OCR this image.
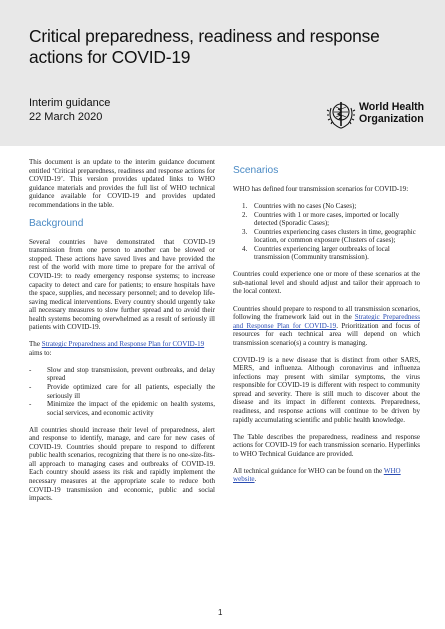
Critical preparedness, readiness and response actions for COVID-19
Interim guidance
22 March 2020
World Health
Organization

This document is an update to the interim guidance document entitled ‘Critical preparedness, readiness and response actions for COVID-19’. This version provides updated links to WHO guidance materials and provides the full list of WHO technical guidance available for COVID-19 and provides updated recommendations in the table.

Background

Several countries have demonstrated that COVID-19 transmission from one person to another can be slowed or stopped. These actions have saved lives and have provided the rest of the world with more time to prepare for the arrival of COVID-19: to ready emergency response systems; to increase capacity to detect and care for patients; to ensure hospitals have the space, supplies, and necessary personnel; and to develop life-saving medical interventions. Every country should urgently take all necessary measures to slow further spread and to avoid their health systems becoming overwhelmed as a result of seriously ill patients with COVID-19.

The Strategic Preparedness and Response Plan for COVID-19 aims to:

- Slow and stop transmission, prevent outbreaks, and delay spread
- Provide optimized care for all patients, especially the seriously ill
- Minimize the impact of the epidemic on health systems, social services, and economic activity

All countries should increase their level of preparedness, alert and response to identify, manage, and care for new cases of COVID-19. Countries should prepare to respond to different public health scenarios, recognizing that there is no one-size-fits-all approach to managing cases and outbreaks of COVID-19. Each country should assess its risk and rapidly implement the necessary measures at the appropriate scale to reduce both COVID-19 transmission and economic, public and social impacts.

Scenarios

WHO has defined four transmission scenarios for COVID-19:

1. Countries with no cases (No Cases);
2. Countries with 1 or more cases, imported or locally detected (Sporadic Cases);
3. Countries experiencing cases clusters in time, geographic location, or common exposure (Clusters of cases);
4. Countries experiencing larger outbreaks of local transmission (Community transmission).

Countries could experience one or more of these scenarios at the sub-national level and should adjust and tailor their approach to the local context.

Countries should prepare to respond to all transmission scenarios, following the framework laid out in the Strategic Preparedness and Response Plan for COVID-19. Prioritization and focus of resources for each technical area will depend on which transmission scenario(s) a country is managing.

COVID-19 is a new disease that is distinct from other SARS, MERS, and influenza. Although coronavirus and influenza infections may present with similar symptoms, the virus responsible for COVID-19 is different with respect to community spread and severity. There is still much to discover about the disease and its impact in different contexts. Preparedness, readiness, and response actions will continue to be driven by rapidly accumulating scientific and public health knowledge.

The Table describes the preparedness, readiness and response actions for COVID-19 for each transmission scenario. Hyperlinks to WHO Technical Guidance are provided.

All technical guidance for WHO can be found on the WHO website.

1
